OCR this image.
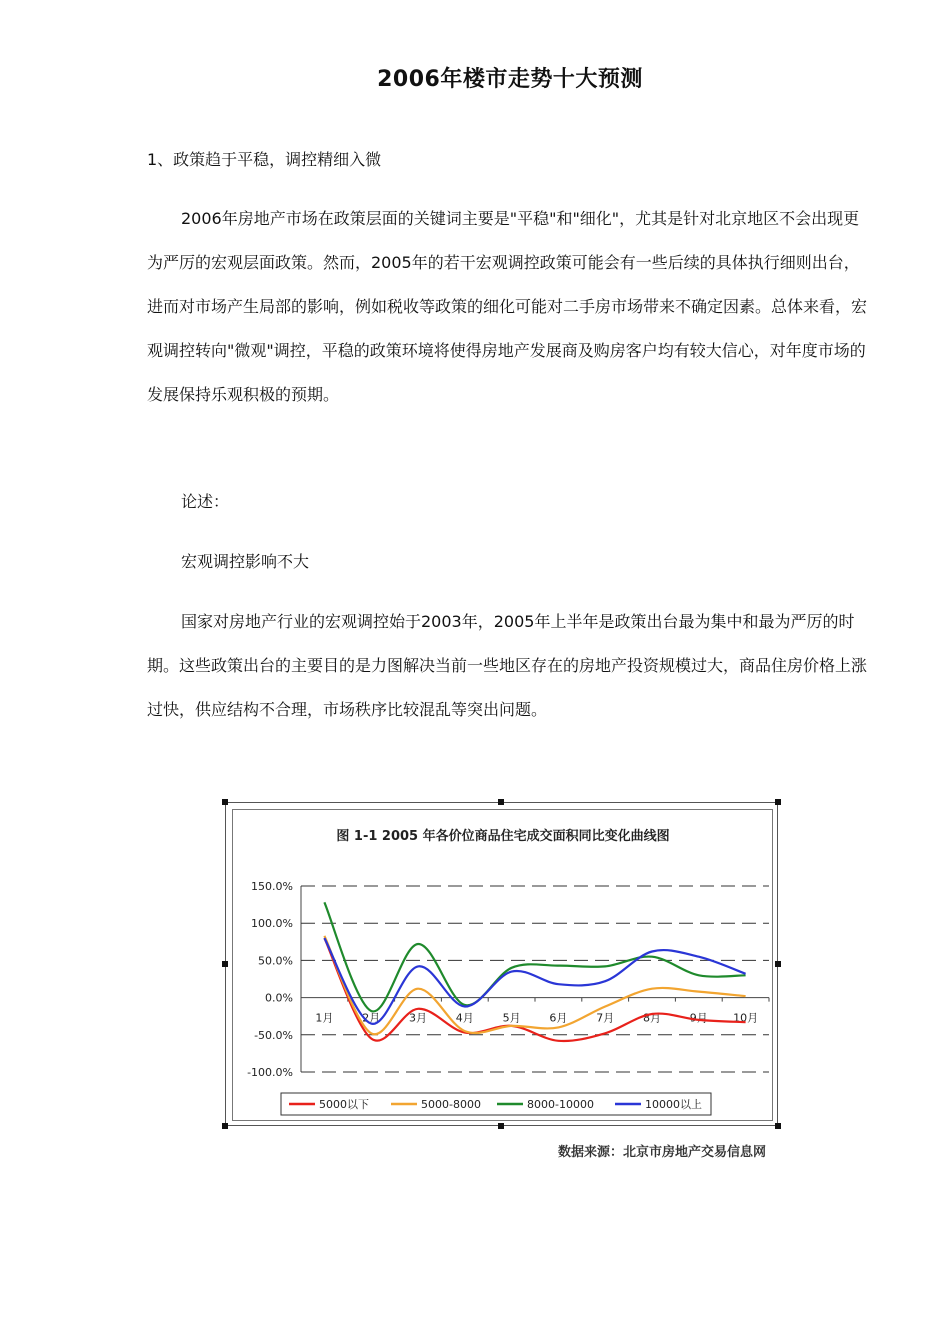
2006年楼市走势十大预测
1、政策趋于平稳，调控精细入微

2006年房地产市场在政策层面的关键词主要是"平稳"和"细化"，尤其是针对北京地区不会出现更为严厉的宏观层面政策。然而，2005年的若干宏观调控政策可能会有一些后续的具体执行细则出台，进而对市场产生局部的影响，例如税收等政策的细化可能对二手房市场带来不确定因素。总体来看，宏观调控转向"微观"调控，平稳的政策环境将使得房地产发展商及购房客户均有较大信心，对年度市场的发展保持乐观积极的预期。

论述：
宏观调控影响不大

国家对房地产行业的宏观调控始于2003年，2005年上半年是政策出台最为集中和最为严厉的时期。这些政策出台的主要目的是力图解决当前一些地区存在的房地产投资规模过大，商品住房价格上涨过快，供应结构不合理，市场秩序比较混乱等突出问题。

图 1-1 2005 年各价位商品住宅成交面积同比变化曲线图
150.0%
100.0%
50.0%
0.0%
-50.0%
-100.0%
1月	2月	3月	4月	5月	6月	7月	8月	9月 10月
5000以下	5000-8000	8000-10000	10000以上
数据来源：北京市房地产交易信息网
